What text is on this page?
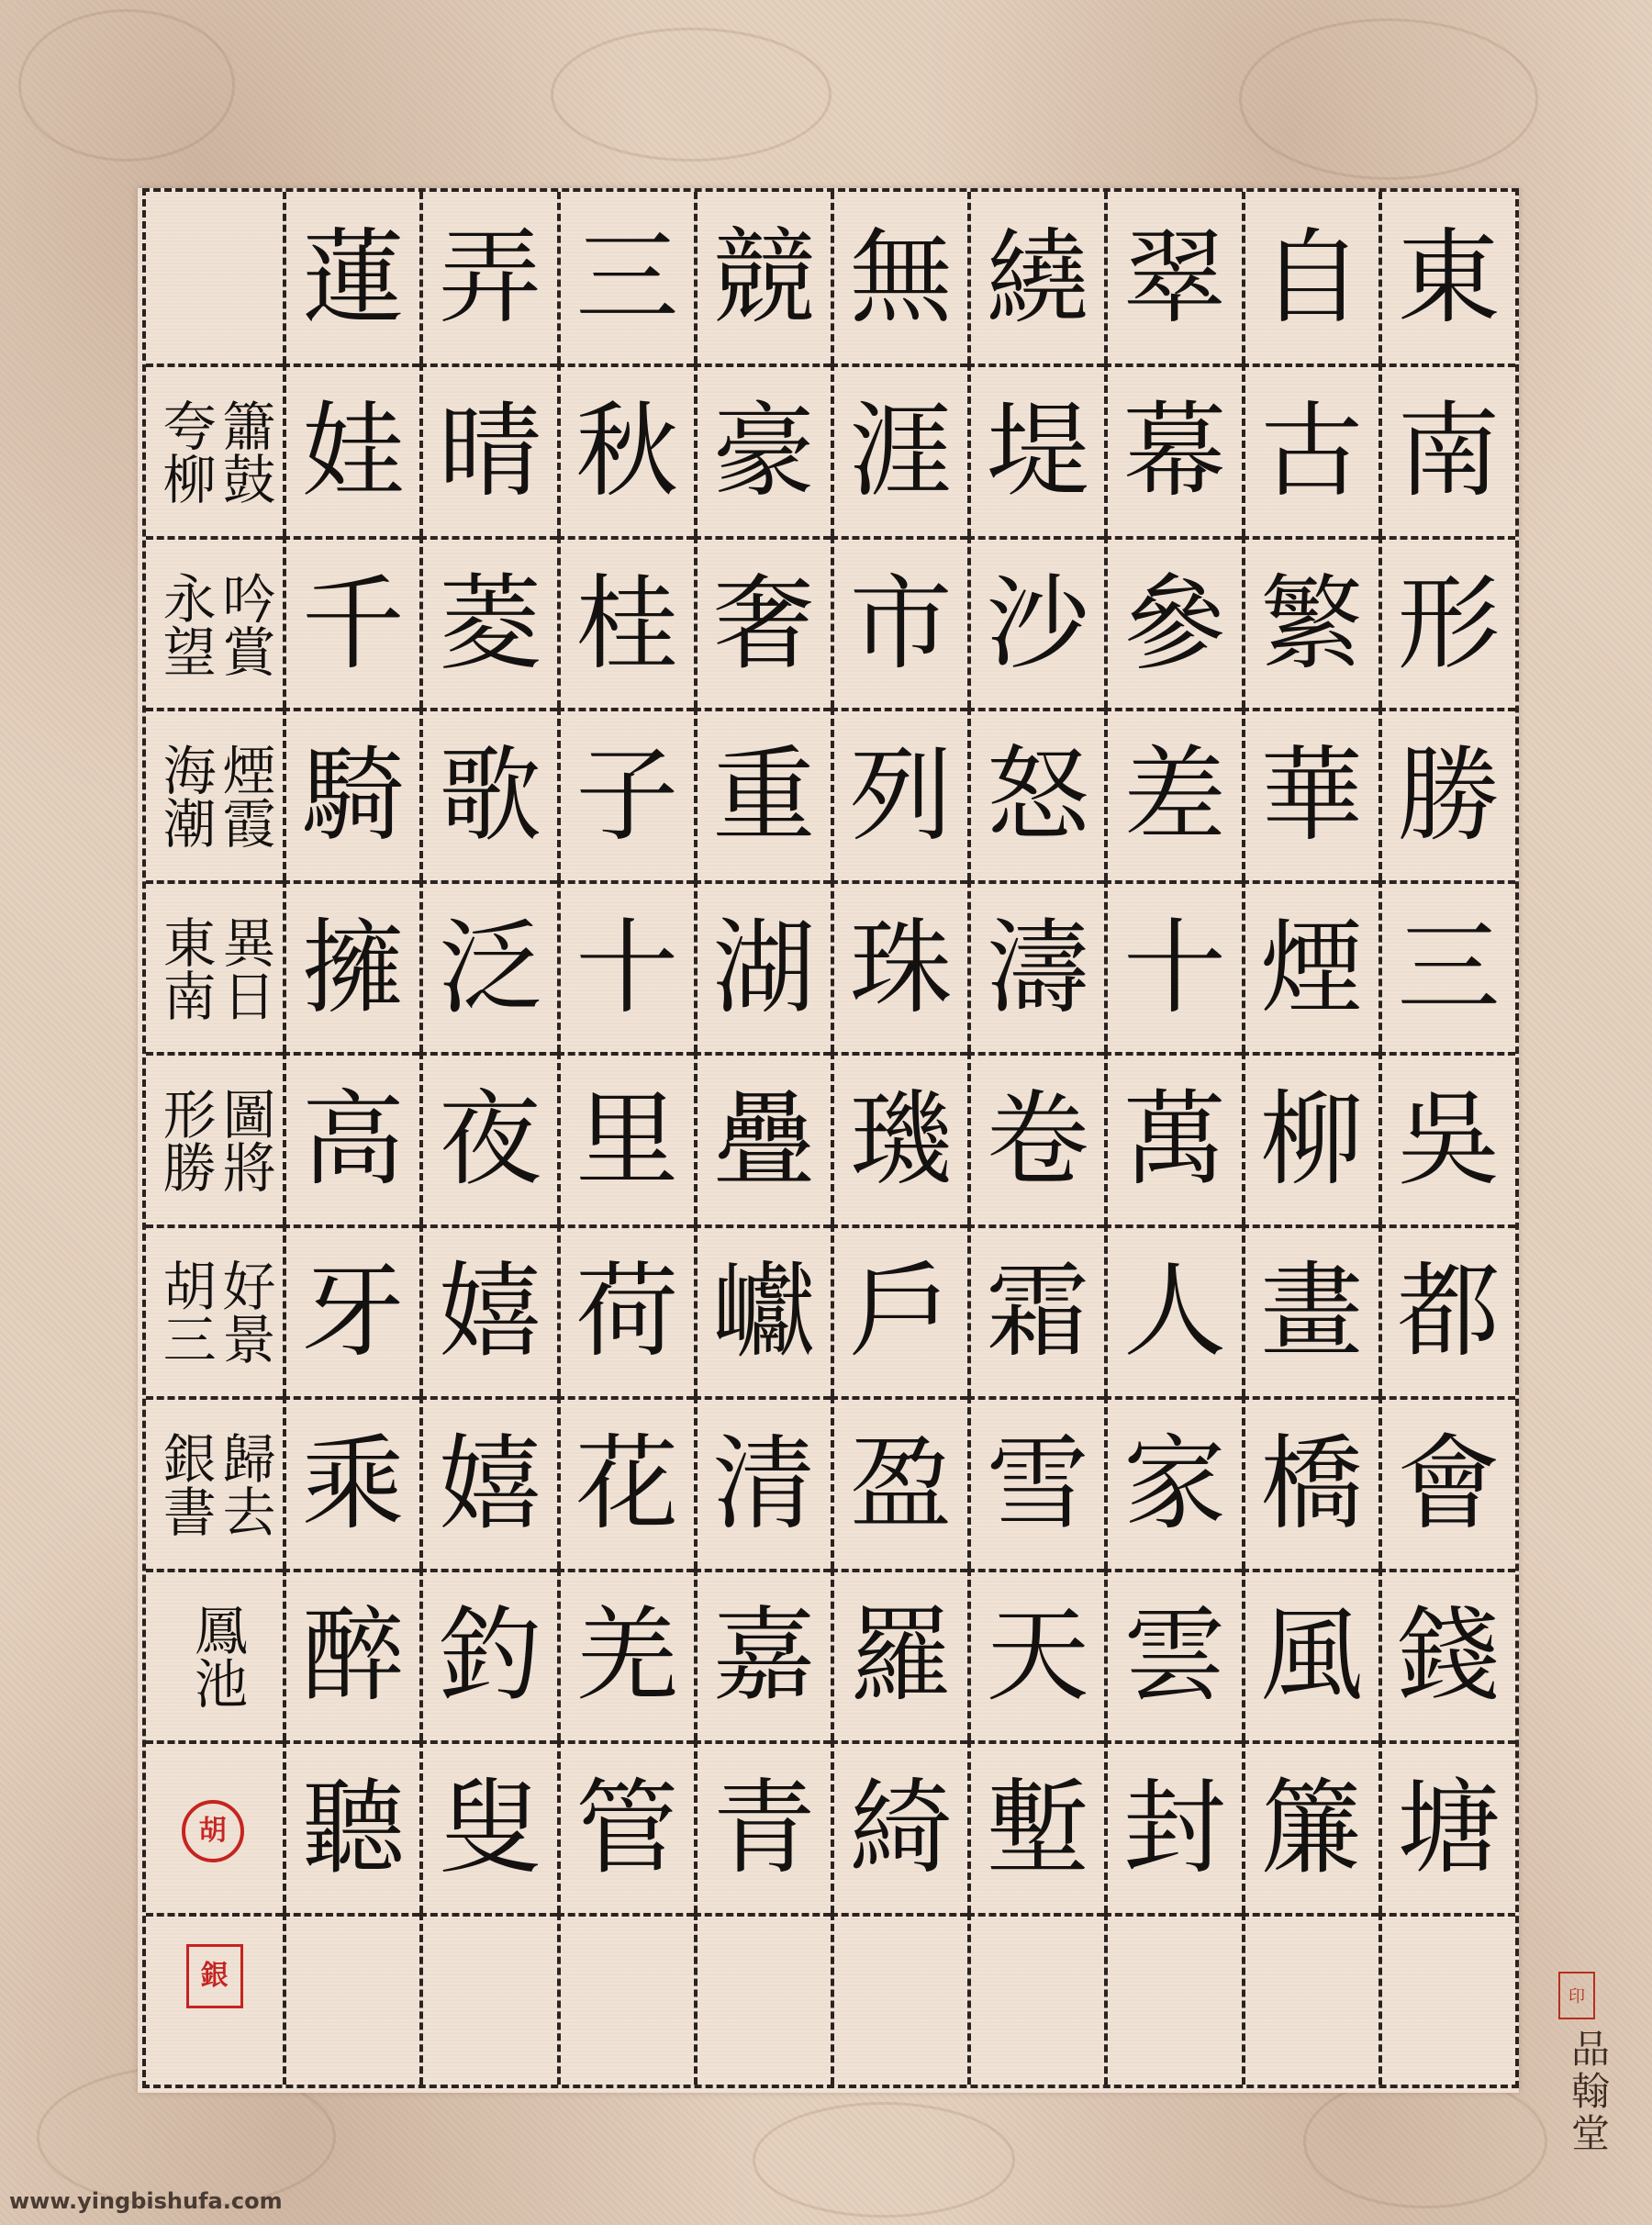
蓮 弄 三 競 無 繞 翠 自 東
簫鼓
夸柳 娃 晴 秋 豪 涯 堤 幕 古 南
吟賞
永望 千 菱 桂 奢 市 沙 參 繁 形
煙霞
海潮 騎 歌 子 重 列 怒 差 華 勝
異日
東南 擁 泛 十 湖 珠 濤 十 煙 三
圖將
形勝 高 夜 里 疊 璣 卷 萬 柳 吳
好景
胡三 牙 嬉 荷 巘 戶 霜 人 畫 都
歸去
銀書 乘 嬉 花 清 盈 雪 家 橋 會
鳳池 醉 釣 羌 嘉 羅 天 雲 風 錢
胡 聽 叟 管 青 綺 塹 封 簾 塘
銀
印
品翰堂
www.yingbishufa.com
